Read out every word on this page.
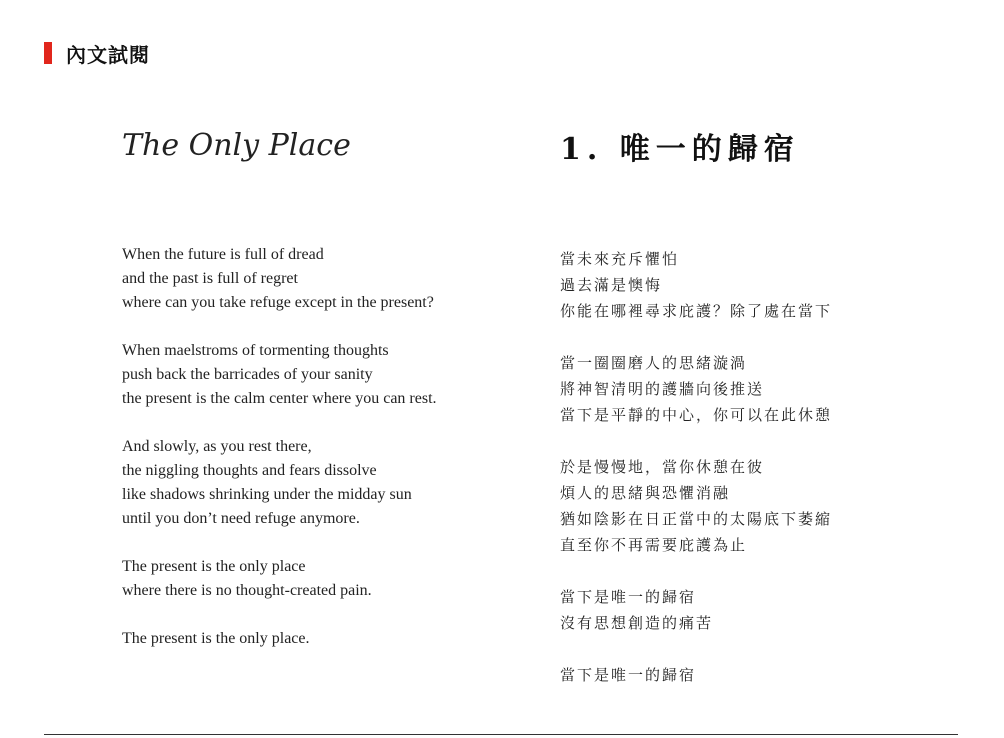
內文試閱
The Only Place

When the future is full of dread
and the past is full of regret
where can you take refuge except in the present?

When maelstroms of tormenting thoughts
push back the barricades of your sanity
the present is the calm center where you can rest.

And slowly, as you rest there,
the niggling thoughts and fears dissolve
like shadows shrinking under the midday sun
until you don’t need refuge anymore.

The present is the only place
where there is no thought-created pain.

The present is the only place.

1. 唯一的歸宿

當未來充斥懼怕
過去滿是懊悔
你能在哪裡尋求庇護？除了處在當下

當一圈圈磨人的思緒漩渦
將神智清明的護牆向後推送
當下是平靜的中心，你可以在此休憩

於是慢慢地，當你休憩在彼
煩人的思緒與恐懼消融
猶如陰影在日正當中的太陽底下萎縮
直至你不再需要庇護為止

當下是唯一的歸宿
沒有思想創造的痛苦

當下是唯一的歸宿
